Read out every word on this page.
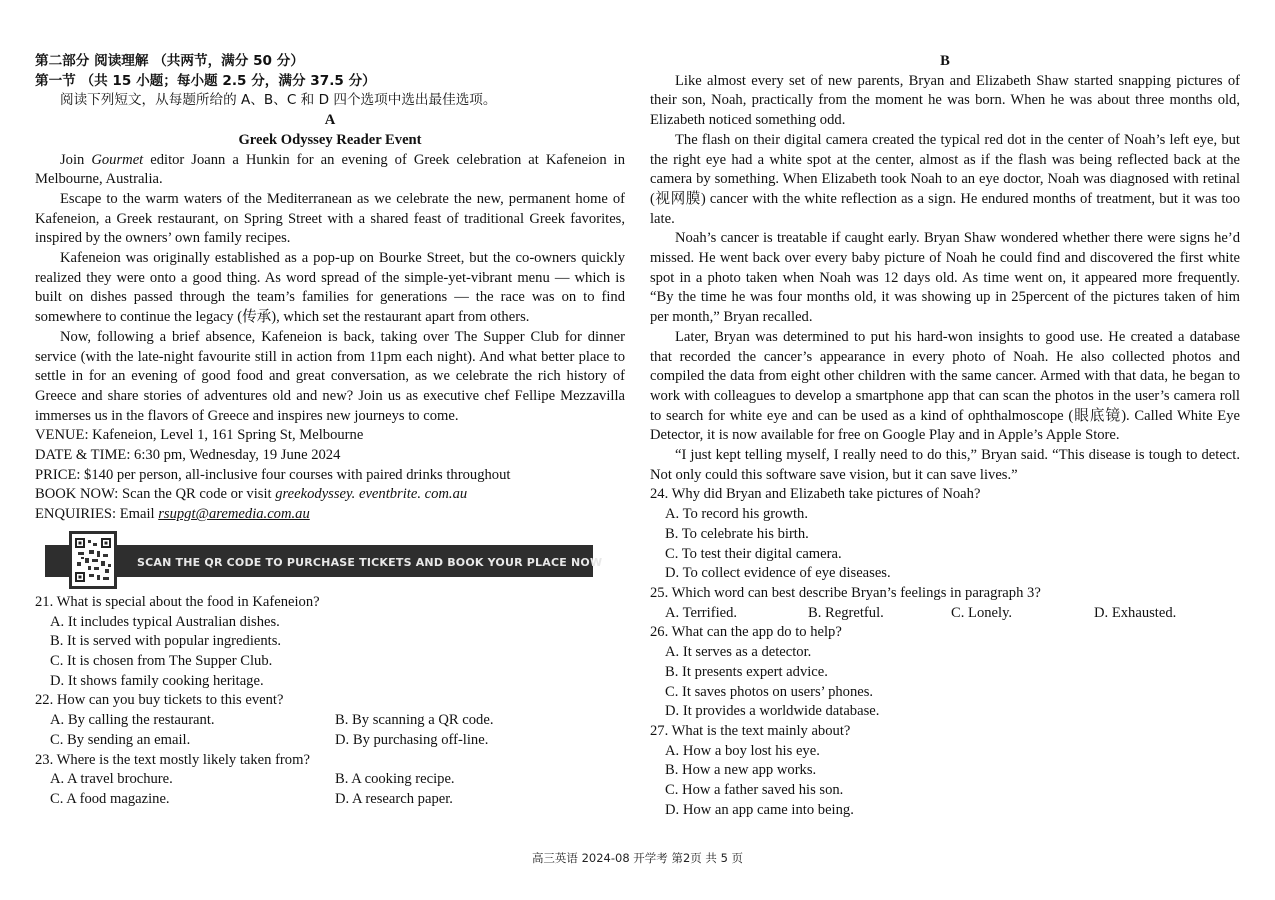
第二部分 阅读理解 （共两节，满分 50 分）

第一节 （共 15 小题；每小题 2.5 分，满分 37.5 分）

阅读下列短文，从每题所给的 A、B、C 和 D 四个选项中选出最佳选项。

A

Greek Odyssey Reader Event

Join Gourmet editor Joann a Hunkin for an evening of Greek celebration at Kafeneion in Melbourne, Australia.

Escape to the warm waters of the Mediterranean as we celebrate the new, permanent home of Kafeneion, a Greek restaurant, on Spring Street with a shared feast of traditional Greek favorites, inspired by the owners’ own family recipes.

Kafeneion was originally established as a pop-up on Bourke Street, but the co-owners quickly realized they were onto a good thing. As word spread of the simple-yet-vibrant menu — which is built on dishes passed through the team’s families for generations — the race was on to find somewhere to continue the legacy (传承), which set the restaurant apart from others.

Now, following a brief absence, Kafeneion is back, taking over The Supper Club for dinner service (with the late-night favourite still in action from 11pm each night). And what better place to settle in for an evening of good food and great conversation, as we celebrate the rich history of Greece and share stories of adventures old and new? Join us as executive chef Fellipe Mezzavilla immerses us in the flavors of Greece and inspires new journeys to come.

VENUE: Kafeneion, Level 1, 161 Spring St, Melbourne

DATE & TIME: 6:30 pm, Wednesday, 19 June 2024

PRICE: $140 per person, all-inclusive four courses with paired drinks throughout

BOOK NOW: Scan the QR code or visit greekodyssey. eventbrite. com.au

ENQUIRIES: Email rsupgt@aremedia.com.au

SCAN THE QR CODE TO PURCHASE TICKETS AND BOOK YOUR PLACE NOW

21. What is special about the food in Kafeneion?

A. It includes typical Australian dishes.

B. It is served with popular ingredients.

C. It is chosen from The Supper Club.

D. It shows family cooking heritage.

22. How can you buy tickets to this event?

A. By calling the restaurant.	B. By scanning a QR code.
C. By sending an email.	D. By purchasing off-line.

23. Where is the text mostly likely taken from?

A. A travel brochure.	B. A cooking recipe.
C. A food magazine.	D. A research paper.

B

Like almost every set of new parents, Bryan and Elizabeth Shaw started snapping pictures of their son, Noah, practically from the moment he was born. When he was about three months old, Elizabeth noticed something odd.

The flash on their digital camera created the typical red dot in the center of Noah’s left eye, but the right eye had a white spot at the center, almost as if the flash was being reflected back at the camera by something. When Elizabeth took Noah to an eye doctor, Noah was diagnosed with retinal (视网膜) cancer with the white reflection as a sign. He endured months of treatment, but it was too late.

Noah’s cancer is treatable if caught early. Bryan Shaw wondered whether there were signs he’d missed. He went back over every baby picture of Noah he could find and discovered the first white spot in a photo taken when Noah was 12 days old. As time went on, it appeared more frequently. “By the time he was four months old, it was showing up in 25percent of the pictures taken of him per month,” Bryan recalled.

Later, Bryan was determined to put his hard-won insights to good use. He created a database that recorded the cancer’s appearance in every photo of Noah. He also collected photos and compiled the data from eight other children with the same cancer. Armed with that data, he began to work with colleagues to develop a smartphone app that can scan the photos in the user’s camera roll to search for white eye and can be used as a kind of ophthalmoscope (眼底镜). Called White Eye Detector, it is now available for free on Google Play and in Apple’s Apple Store.

“I just kept telling myself, I really need to do this,” Bryan said. “This disease is tough to detect. Not only could this software save vision, but it can save lives.”

24. Why did Bryan and Elizabeth take pictures of Noah?

A. To record his growth.

B. To celebrate his birth.

C. To test their digital camera.

D. To collect evidence of eye diseases.

25. Which word can best describe Bryan’s feelings in paragraph 3?

A. Terrified.	B. Regretful.	C. Lonely.	D. Exhausted.

26. What can the app do to help?

A. It serves as a detector.

B. It presents expert advice.

C. It saves photos on users’ phones.

D. It provides a worldwide database.

27. What is the text mainly about?

A. How a boy lost his eye.

B. How a new app works.

C. How a father saved his son.

D. How an app came into being.

高三英语 2024-08 开学考 第2页 共 5 页
